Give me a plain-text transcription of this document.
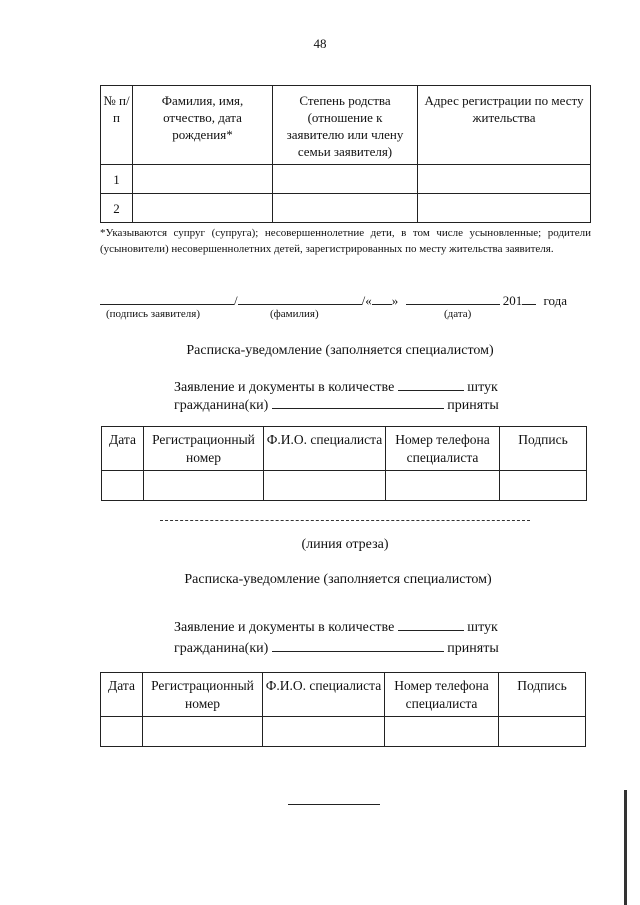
48
№ п/п	Фамилия, имя, отчество, дата рождения*	Степень родства (отношение к заявителю или члену семьи заявителя)	Адрес регистрации по месту жительства
1			
2			
*Указываются супруг (супруга); несовершеннолетние дети, в том числе усыновленные; родители (усыновители) несовершеннолетних детей, зарегистрированных по месту жительства заявителя.
/	/« »	201 года
(подпись заявителя)	(фамилия)	(дата)
Расписка-уведомление (заполняется специалистом)
Заявление и документы в количестве	штук
гражданина(ки)	приняты
Дата	Регистрационный номер	Ф.И.О. специалиста	Номер телефона специалиста	Подпись

(линия отреза)
Расписка-уведомление (заполняется специалистом)
Заявление и документы в количестве	штук
гражданина(ки)	приняты
Дата	Регистрационный номер	Ф.И.О. специалиста	Номер телефона специалиста	Подпись
